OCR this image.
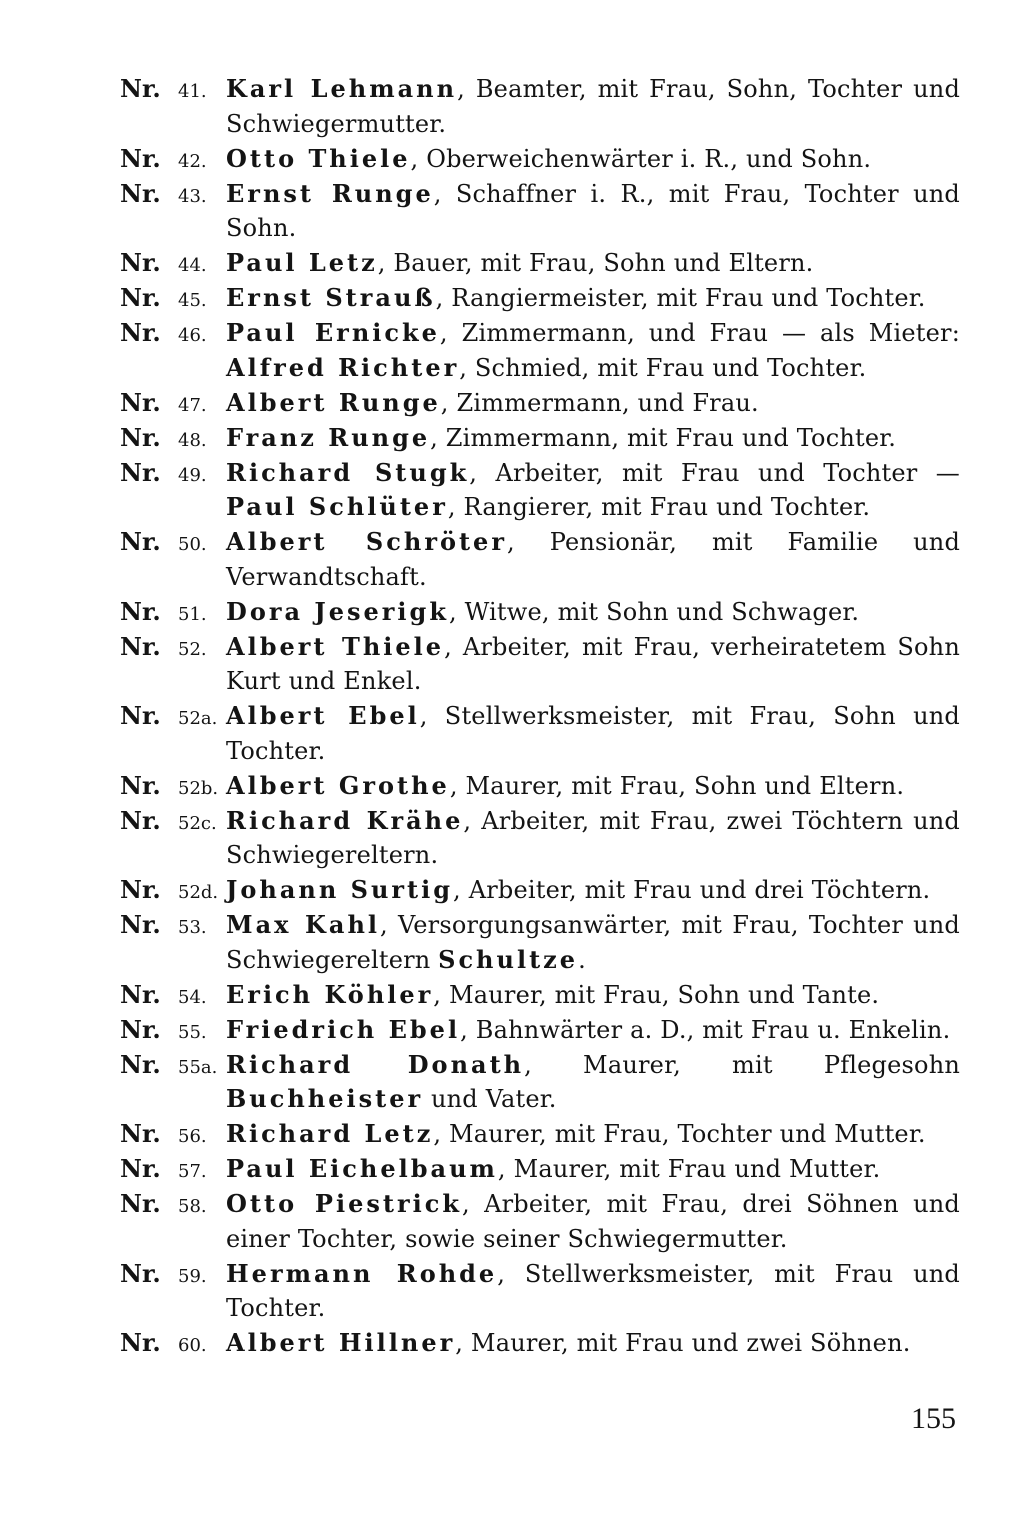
Nr. 41. Karl Lehmann, Beamter, mit Frau, Sohn, Tochter und Schwiegermutter.

Nr. 42. Otto Thiele, Oberweichenwärter i. R., und Sohn.

Nr. 43. Ernst Runge, Schaffner i. R., mit Frau, Tochter und Sohn.

Nr. 44. Paul Letz, Bauer, mit Frau, Sohn und Eltern.

Nr. 45. Ernst Strauß, Rangiermeister, mit Frau und Tochter.

Nr. 46. Paul Ernicke, Zimmermann, und Frau — als Mieter: Alfred Richter, Schmied, mit Frau und Tochter.

Nr. 47. Albert Runge, Zimmermann, und Frau.

Nr. 48. Franz Runge, Zimmermann, mit Frau und Tochter.

Nr. 49. Richard Stugk, Arbeiter, mit Frau und Tochter — Paul Schlüter, Rangierer, mit Frau und Tochter.

Nr. 50. Albert Schröter, Pensionär, mit Familie und Verwandtschaft.

Nr. 51. Dora Jeserigk, Witwe, mit Sohn und Schwager.

Nr. 52. Albert Thiele, Arbeiter, mit Frau, verheiratetem Sohn Kurt und Enkel.

Nr. 52a. Albert Ebel, Stellwerksmeister, mit Frau, Sohn und Tochter.

Nr. 52b. Albert Grothe, Maurer, mit Frau, Sohn und Eltern.

Nr. 52c. Richard Krähe, Arbeiter, mit Frau, zwei Töchtern und Schwiegereltern.

Nr. 52d. Johann Surtig, Arbeiter, mit Frau und drei Töchtern.

Nr. 53. Max Kahl, Versorgungsanwärter, mit Frau, Tochter und Schwiegereltern Schultze.

Nr. 54. Erich Köhler, Maurer, mit Frau, Sohn und Tante.

Nr. 55. Friedrich Ebel, Bahnwärter a. D., mit Frau u. Enkelin.

Nr. 55a. Richard Donath, Maurer, mit Pflegesohn Buchheister und Vater.

Nr. 56. Richard Letz, Maurer, mit Frau, Tochter und Mutter.

Nr. 57. Paul Eichelbaum, Maurer, mit Frau und Mutter.

Nr. 58. Otto Piestrick, Arbeiter, mit Frau, drei Söhnen und einer Tochter, sowie seiner Schwiegermutter.

Nr. 59. Hermann Rohde, Stellwerksmeister, mit Frau und Tochter.

Nr. 60. Albert Hillner, Maurer, mit Frau und zwei Söhnen.

155
